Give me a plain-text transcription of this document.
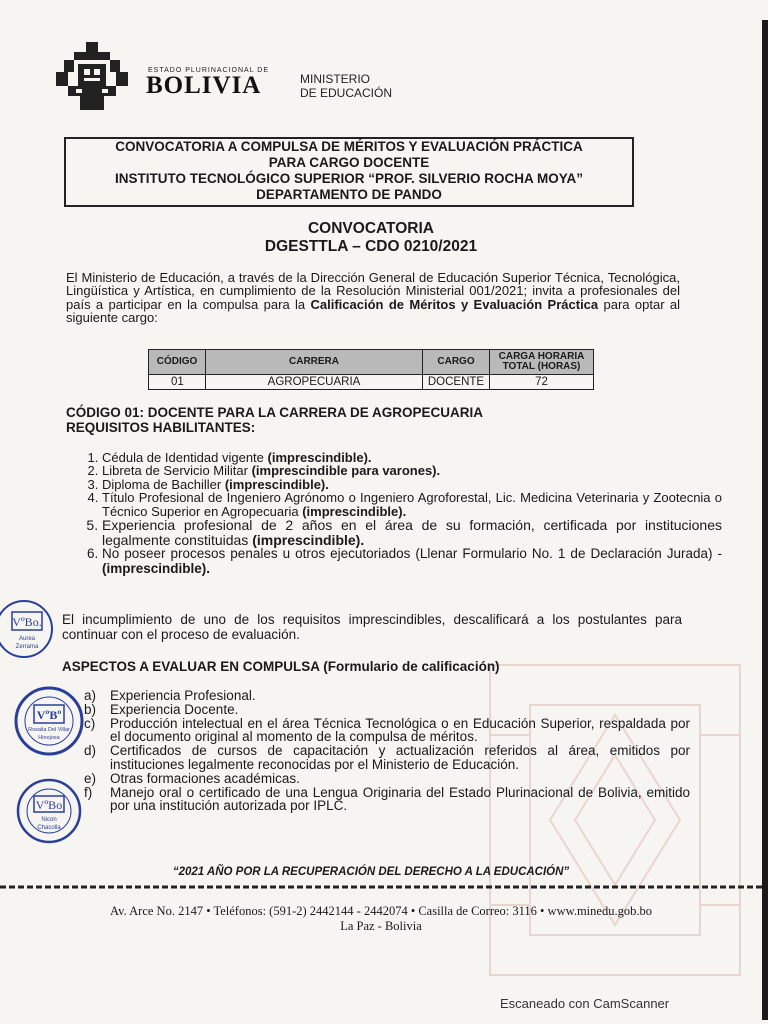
ESTADO PLURINACIONAL DE
BOLIVIA	MINISTERIO
DE EDUCACIÓN
CONVOCATORIA A COMPULSA DE MÉRITOS Y EVALUACIÓN PRÁCTICA
PARA CARGO DOCENTE
INSTITUTO TECNOLÓGICO SUPERIOR “PROF. SILVERIO ROCHA MOYA”
DEPARTAMENTO DE PANDO
CONVOCATORIA
DGESTTLA – CDO 0210/2021
El Ministerio de Educación, a través de la Dirección General de Educación Superior Técnica, Tecnológica, Lingüística y Artística, en cumplimiento de la Resolución Ministerial 001/2021; invita a profesionales del país a participar en la compulsa para la Calificación de Méritos y Evaluación Práctica para optar al siguiente cargo:
CÓDIGO	CARRERA	CARGO	CARGA HORARIA TOTAL (HORAS)
01	AGROPECUARIA	DOCENTE	72
CÓDIGO 01: DOCENTE PARA LA CARRERA DE AGROPECUARIA
REQUISITOS HABILITANTES:
1. Cédula de Identidad vigente (imprescindible).
2. Libreta de Servicio Militar (imprescindible para varones).
3. Diploma de Bachiller (imprescindible).
4. Título Profesional de Ingeniero Agrónomo o Ingeniero Agroforestal, Lic. Medicina Veterinaria y Zootecnia o Técnico Superior en Agropecuaria (imprescindible).
5. Experiencia profesional de 2 años en el área de su formación, certificada por instituciones legalmente constituidas (imprescindible).
6. No poseer procesos penales u otros ejecutoriados (Llenar Formulario No. 1 de Declaración Jurada) - (imprescindible).
El incumplimiento de uno de los requisitos imprescindibles, descalificará a los postulantes para continuar con el proceso de evaluación.
ASPECTOS A EVALUAR EN COMPULSA (Formulario de calificación)
a) Experiencia Profesional.
b) Experiencia Docente.
c) Producción intelectual en el área Técnica Tecnológica o en Educación Superior, respaldada por el documento original al momento de la compulsa de méritos.
d) Certificados de cursos de capacitación y actualización referidos al área, emitidos por instituciones legalmente reconocidas por el Ministerio de Educación.
e) Otras formaciones académicas.
f) Manejo oral o certificado de una Lengua Originaria del Estado Plurinacional de Bolivia, emitido por una institución autorizada por IPLC.
VºBo.
Aurea
Zerrama
VºBº
Rosalia Del Villar
Hinojosa
VºBo
Nicon
Chacolla
“2021 AÑO POR LA RECUPERACIÓN DEL DERECHO A LA EDUCACIÓN”
Av. Arce No. 2147 • Teléfonos: (591-2) 2442144 - 2442074 • Casilla de Correo: 3116 • www.minedu.gob.bo
La Paz - Bolivia
Escaneado con CamScanner
